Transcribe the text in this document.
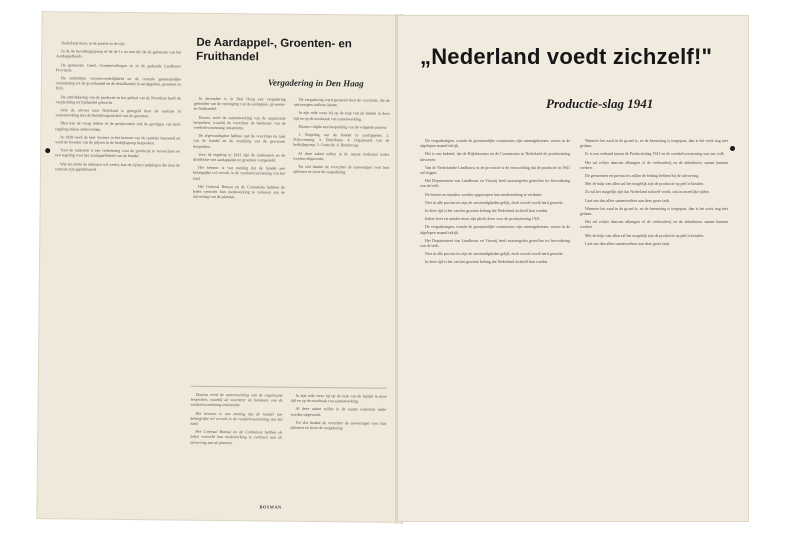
Nederland moet, in de positie in de tijd...

In de 8e bevolkingsgroep of de de 1e en met die de de gemeente van het Aardappelfonds.

De gemeente, Geest, Groenteveilingen in 1e de gedeelde Landbouw Provincie.

De ambtelijke verantwoordelijkheid en de centrale gemeentelijke verordening tot de groothandel en de detailhandel in aardappelen, groenten en fruit.

De ontwikkeling van de productie in het gebied van de Noordzee heeft de verplichting tot lijnhandel gebracht.

Ook de uitvoer naar Duitsland is geregeld door de centrale in samenwerking met de bedrijfsorganisatie van de groenten.

Men kan de vraag stellen of de producenten ook de gevolgen van deze regeling zullen ondervinden.

In 1938 werd de heer Vosmer in het bestuur van de centrale benoemd en werd de kwestie van de prijzen in de bedrijfsgroep besproken.

Voor de toekomst is een verbetering voor de productie te verwachten en een regeling voor het aardappelbeleid van de handel.

Wie ten slotte de uitkomst wil weten, kan de cijfers raadplegen die door de centrale zijn gepubliceerd.

De Aardappel-, Groenten- en Fruithandel
Vergadering in Den Haag

In december is in Den Haag een vergadering gehouden van de vereniging van de aardappel-, groenten- en fruithandel.

Daarna werd de samenwerking van de organisatie besproken, waarbij de voorzitter de betekenis van de voedselvoorziening uiteenzette.

De afgevaardigden hebben met de voorzitter de taak van de handel en de verdeling van de gewassen besproken.

Voor de regeling in 1941 zijn de rantsoenen en de distributie van aardappelen en groenten vastgesteld.

Het bestuur is van mening dat de handel een belangrijke rol vervult in de voedselvoorziening van het land.

Het Centraal Bureau en de Commissie hebben de leden verzocht hun medewerking te verlenen aan de uitvoering van de plannen.

De vergadering werd geopend door de voorzitter, die de aanwezigen welkom heette.

In zijn rede wees hij op de taak van de handel in deze tijd en op de noodzaak van samenwerking.

Daarna volgde een bespreking van de volgende punten:

1. Regeling van de handel in aardappelen. 2. Prijsvorming. 3. Distributie. 4. Organisatie van de bedrijfsgroep. 5. Controle. 6. Rondvraag.

Al deze zaken zullen in de naaste toekomst nader worden uitgewerkt.

Tot slot dankte de voorzitter de aanwezigen voor hun opkomst en sloot de vergadering.

Daarna werd de samenwerking van de organisatie besproken, waarbij de voorzitter de betekenis van de voedselvoorziening uiteenzette.

Het bestuur is van mening dat de handel een belangrijke rol vervult in de voedselvoorziening van het land.

Het Centraal Bureau en de Commissie hebben de leden verzocht hun medewerking te verlenen aan de uitvoering van de plannen.

In zijn rede wees hij op de taak van de handel in deze tijd en op de noodzaak van samenwerking.

Al deze zaken zullen in de naaste toekomst nader worden uitgewerkt.

Tot slot dankte de voorzitter de aanwezigen voor hun opkomst en sloot de vergadering.

BOSMAN
„Nederland voedt zichzelf!"
Productie-slag 1941

De vergaderingen, waarin de gezamenlijke commissies zijn samengekomen, waren in de afgelopen maand talrijk.

Het is ons bekend, dat de Rijksbureaus en de Commissies in Nederland de productieslag uitvoeren.

Van de Nederlandse Landbouw in de provincie is de verwachting dat de productie in 1941 zal stijgen.

Het Departement van Landbouw en Visserij heeft maatregelen getroffen ter bevordering van de teelt.

De boeren en tuinders worden opgeroepen hun medewerking te verlenen.

Niet in alle provincies zijn de omstandigheden gelijk, doch overal wordt hard gewerkt.

In deze tijd is het van het grootste belang dat Nederland zichzelf kan voeden.

Iedere boer en tuinder moet zijn plicht doen voor de productieslag 1941.

De vergaderingen, waarin de gezamenlijke commissies zijn samengekomen, waren in de afgelopen maand talrijk.

Het Departement van Landbouw en Visserij heeft maatregelen getroffen ter bevordering van de teelt.

Niet in alle provincies zijn de omstandigheden gelijk, doch overal wordt hard gewerkt.

In deze tijd is het van het grootste belang dat Nederland zichzelf kan voeden.

Wanneer het zaad in de grond is, en de bemesting is toegepast, dan is het werk nog niet gedaan.

Er is een verband tussen de Productieslag 1941 en de voedselvoorziening van ons volk.

Het zal echter daarvan afhangen of de veehouderij en de akkerbouw samen kunnen werken.

De gemeenten en provincies zullen de leiding hebben bij de uitvoering.

Met de hulp van allen zal het mogelijk zijn de productie op peil te houden.

Zo zal het mogelijk zijn dat Nederland zichzelf voedt, ook in moeilijke tijden.

Laat ons dan allen samenwerken aan deze grote taak.

Wanneer het zaad in de grond is, en de bemesting is toegepast, dan is het werk nog niet gedaan.

Het zal echter daarvan afhangen of de veehouderij en de akkerbouw samen kunnen werken.

Met de hulp van allen zal het mogelijk zijn de productie op peil te houden.

Laat ons dan allen samenwerken aan deze grote taak.
